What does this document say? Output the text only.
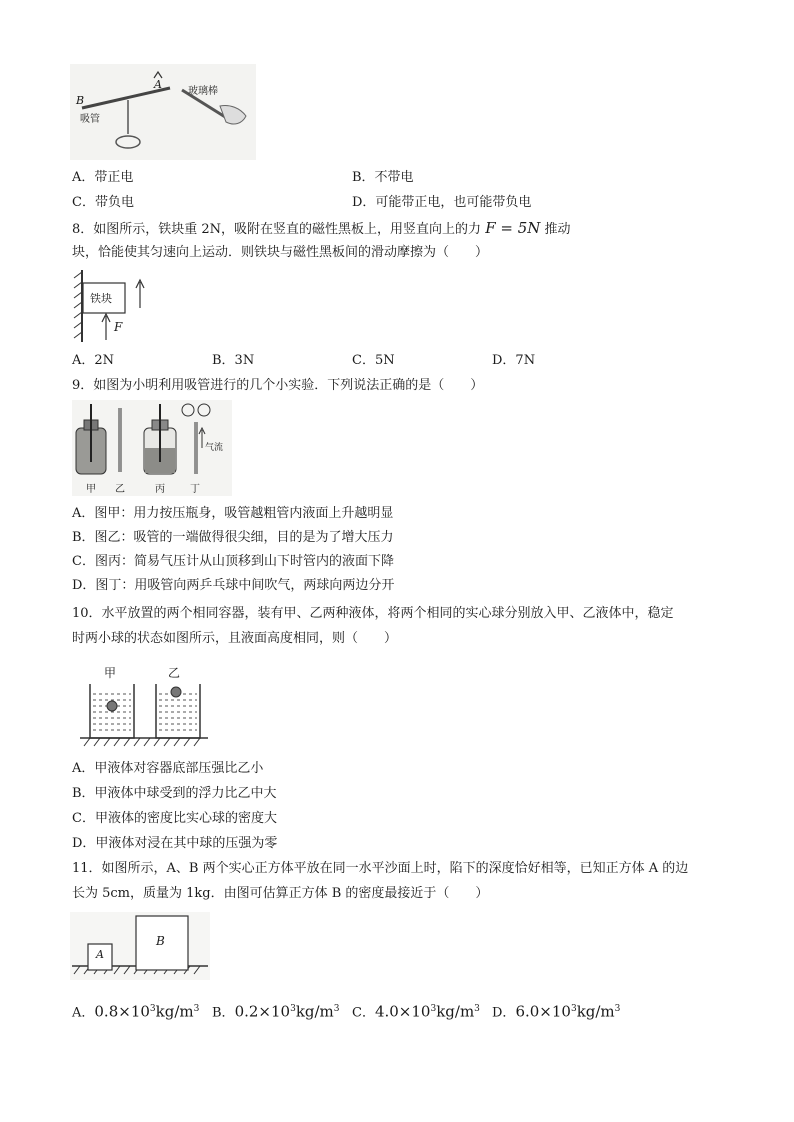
B
A
玻璃棒
吸管
A．带正电	B．不带电
C．带负电	D．可能带正电，也可能带负电
8．如图所示，铁块重 2N，吸附在竖直的磁性黑板上，用竖直向上的力 F = 5N 推动
块，恰能使其匀速向上运动．则铁块与磁性黑板间的滑动摩擦为（　　）
铁块
F
A．2N	B．3N	C．5N	D．7N
9．如图为小明利用吸管进行的几个小实验．下列说法正确的是（　　）
甲 乙	丙	丁
气流
A．图甲：用力按压瓶身，吸管越粗管内液面上升越明显
B．图乙：吸管的一端做得很尖细，目的是为了增大压力
C．图丙：简易气压计从山顶移到山下时管内的液面下降
D．图丁：用吸管向两乒乓球中间吹气，两球向两边分开
10．水平放置的两个相同容器，装有甲、乙两种液体，将两个相同的实心球分别放入甲、乙液体中，稳定
时两小球的状态如图所示，且液面高度相同，则（　　）
甲	乙
A．甲液体对容器底部压强比乙小
B．甲液体中球受到的浮力比乙中大
C．甲液体的密度比实心球的密度大
D．甲液体对浸在其中球的压强为零
11．如图所示，A、B 两个实心正方体平放在同一水平沙面上时，陷下的深度恰好相等，已知正方体 A 的边
长为 5cm，质量为 1kg．由图可估算正方体 B 的密度最接近于（　　）
A
B
A．$0.8\times 10^3kg/m^3$ B．$0.2\times 10^3kg/m^3$ C．$4.0\times 10^3kg/m^3$ D．$6.0\times 10^3kg/m^3$
